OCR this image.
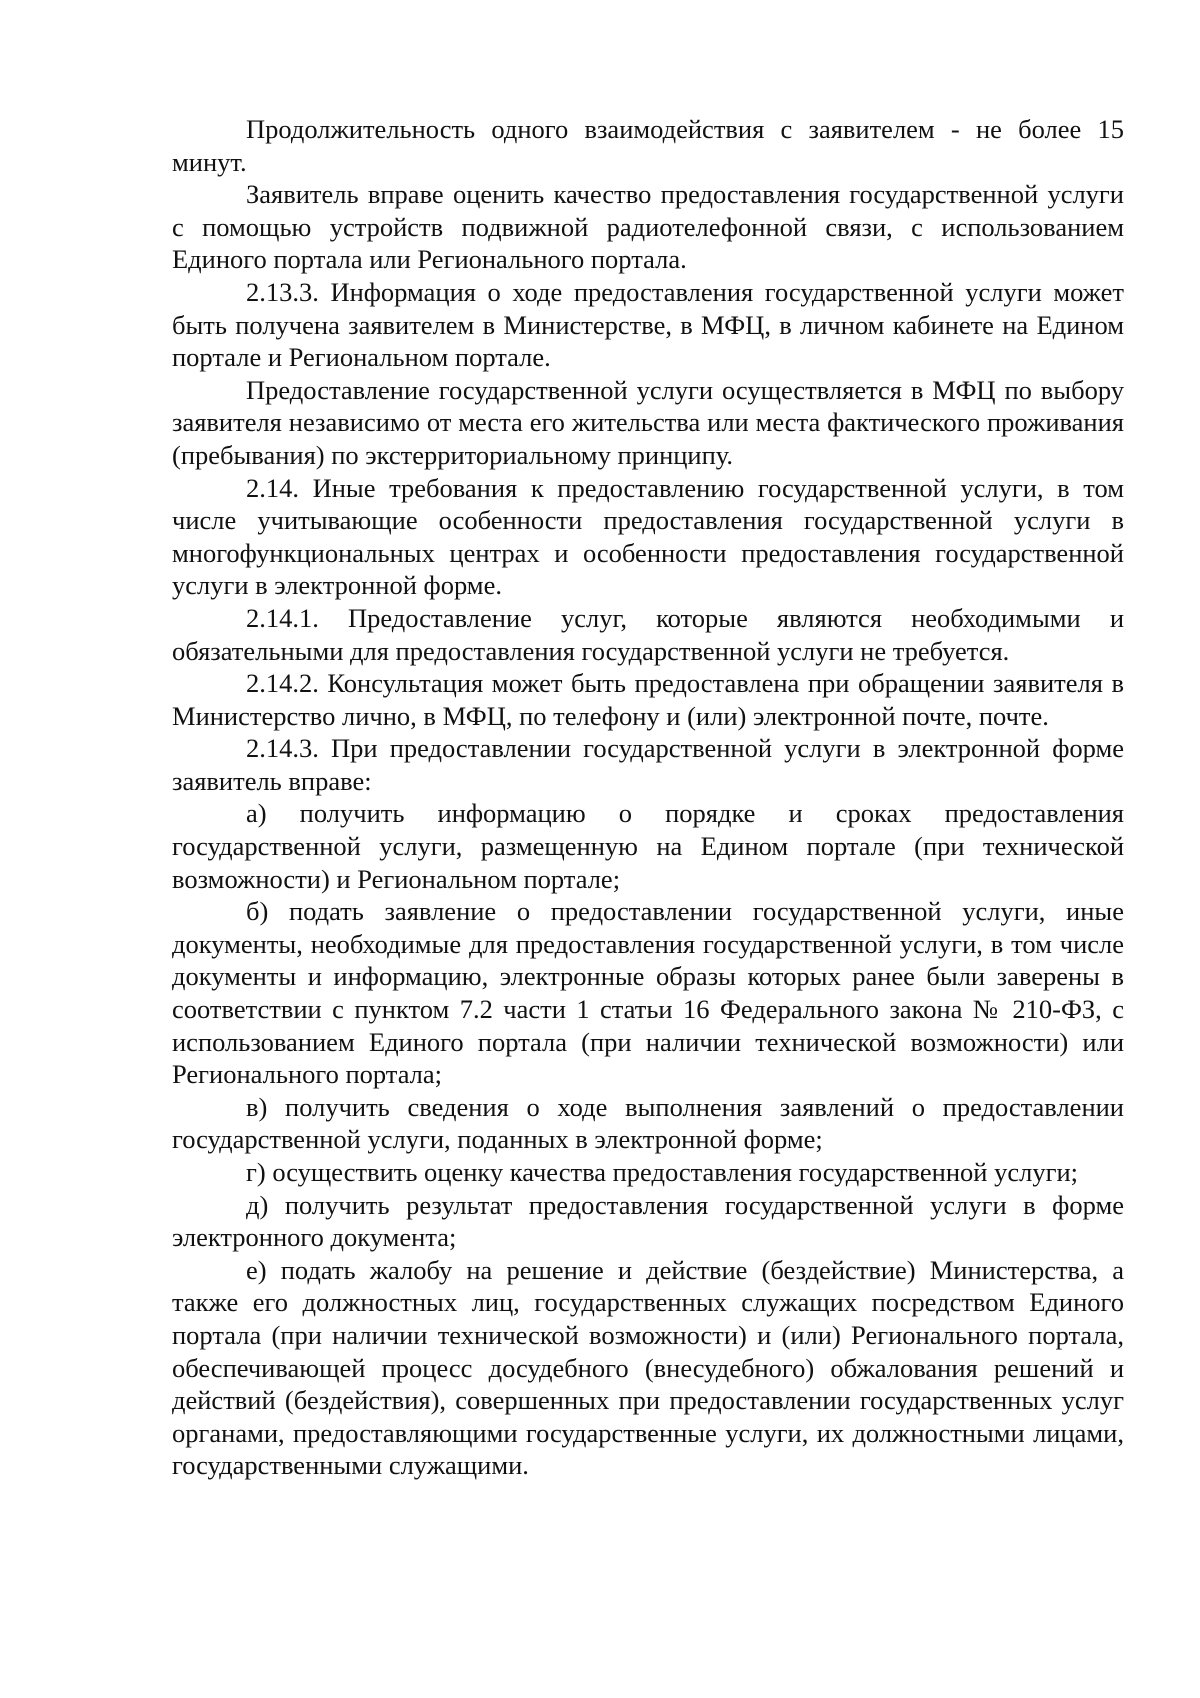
Продолжительность одного взаимодействия с заявителем - не более 15 минут.

Заявитель вправе оценить качество предоставления государственной услуги с помощью устройств подвижной радиотелефонной связи, с использованием Единого портала или Регионального портала.

2.13.3. Информация о ходе предоставления государственной услуги может быть получена заявителем в Министерстве, в МФЦ, в личном кабинете на Едином портале и Региональном портале.

Предоставление государственной услуги осуществляется в МФЦ по выбору заявителя независимо от места его жительства или места фактического проживания (пребывания) по экстерриториальному принципу.

2.14. Иные требования к предоставлению государственной услуги, в том числе учитывающие особенности предоставления государственной услуги в многофункциональных центрах и особенности предоставления государственной услуги в электронной форме.

2.14.1. Предоставление услуг, которые являются необходимыми и обязательными для предоставления государственной услуги не требуется.

2.14.2. Консультация может быть предоставлена при обращении заявителя в Министерство лично, в МФЦ, по телефону и (или) электронной почте, почте.

2.14.3. При предоставлении государственной услуги в электронной форме заявитель вправе:

а) получить информацию о порядке и сроках предоставления государственной услуги, размещенную на Едином портале (при технической возможности) и Региональном портале;

б) подать заявление о предоставлении государственной услуги, иные документы, необходимые для предоставления государственной услуги, в том числе документы и информацию, электронные образы которых ранее были заверены в соответствии с пунктом 7.2 части 1 статьи 16 Федерального закона № 210-ФЗ, с использованием Единого портала (при наличии технической возможности) или Регионального портала;

в) получить сведения о ходе выполнения заявлений о предоставлении государственной услуги, поданных в электронной форме;

г) осуществить оценку качества предоставления государственной услуги;

д) получить результат предоставления государственной услуги в форме электронного документа;

е) подать жалобу на решение и действие (бездействие) Министерства, а также его должностных лиц, государственных служащих посредством Единого портала (при наличии технической возможности) и (или) Регионального портала, обеспечивающей процесс досудебного (внесудебного) обжалования решений и действий (бездействия), совершенных при предоставлении государственных услуг органами, предоставляющими государственные услуги, их должностными лицами, государственными служащими.
